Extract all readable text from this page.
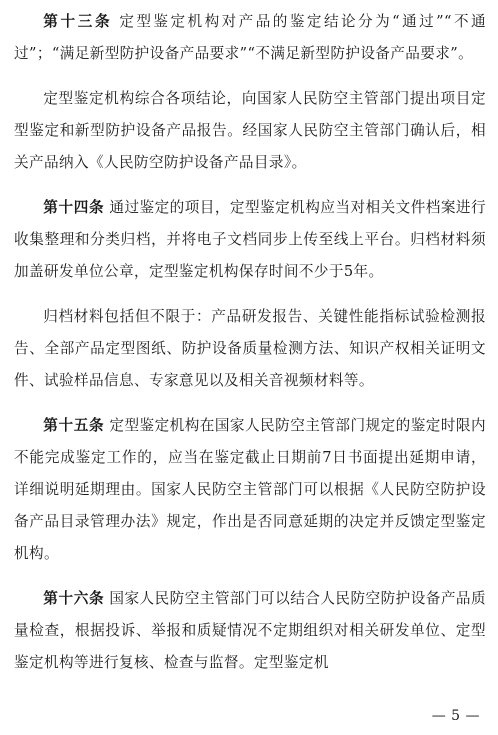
第十三条 定型鉴定机构对产品的鉴定结论分为“通过”“不通过”；“满足新型防护设备产品要求”“不满足新型防护设备产品要求”。

定型鉴定机构综合各项结论，向国家人民防空主管部门提出项目定型鉴定和新型防护设备产品报告。经国家人民防空主管部门确认后，相关产品纳入《人民防空防护设备产品目录》。

第十四条 通过鉴定的项目，定型鉴定机构应当对相关文件档案进行收集整理和分类归档，并将电子文档同步上传至线上平台。归档材料须加盖研发单位公章，定型鉴定机构保存时间不少于5年。

归档材料包括但不限于：产品研发报告、关键性能指标试验检测报告、全部产品定型图纸、防护设备质量检测方法、知识产权相关证明文件、试验样品信息、专家意见以及相关音视频材料等。

第十五条 定型鉴定机构在国家人民防空主管部门规定的鉴定时限内不能完成鉴定工作的，应当在鉴定截止日期前7日书面提出延期申请，详细说明延期理由。国家人民防空主管部门可以根据《人民防空防护设备产品目录管理办法》规定，作出是否同意延期的决定并反馈定型鉴定机构。

第十六条 国家人民防空主管部门可以结合人民防空防护设备产品质量检查，根据投诉、举报和质疑情况不定期组织对相关研发单位、定型鉴定机构等进行复核、检查与监督。定型鉴定机

— 5 —
